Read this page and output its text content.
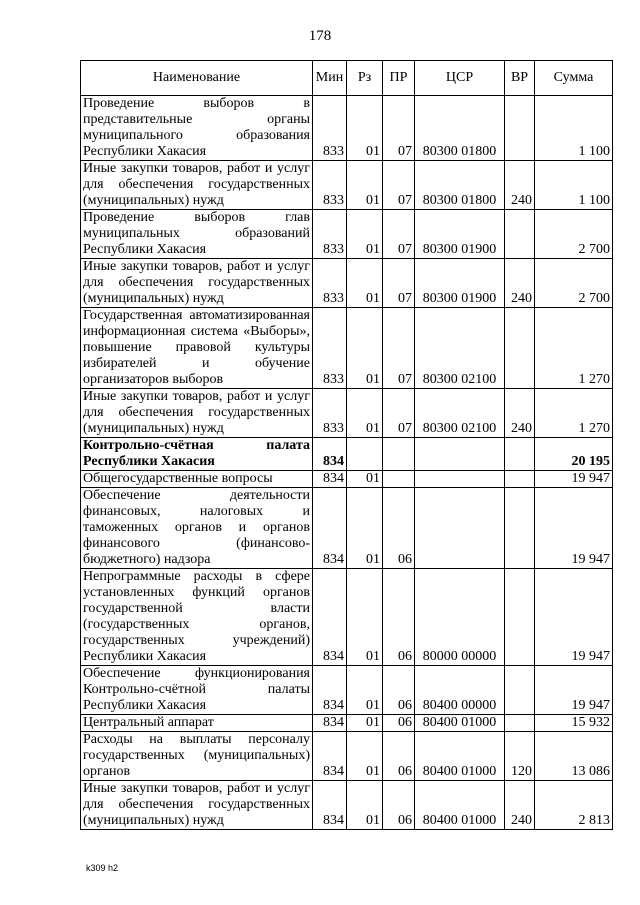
178
Наименование	Мин	Рз	ПР	ЦСР	ВР	Сумма
Проведение выборов в представительные органы муниципального образования Республики Хакасия	833	01	07	80300 01800		1 100
Иные закупки товаров, работ и услуг для обеспечения государственных (муниципальных) нужд	833	01	07	80300 01800	240	1 100
Проведение выборов глав муниципальных образований Республики Хакасия	833	01	07	80300 01900		2 700
Иные закупки товаров, работ и услуг для обеспечения государственных (муниципальных) нужд	833	01	07	80300 01900	240	2 700
Государственная автоматизированная информационная система «Выборы», повышение правовой культуры избирателей и обучение организаторов выборов	833	01	07	80300 02100		1 270
Иные закупки товаров, работ и услуг для обеспечения государственных (муниципальных) нужд	833	01	07	80300 02100	240	1 270
Контрольно-счётная палата Республики Хакасия	834					20 195
Общегосударственные вопросы	834	01				19 947
Обеспечение деятельности финансовых, налоговых и таможенных органов и органов финансового (финансово-бюджетного) надзора	834	01	06			19 947
Непрограммные расходы в сфере установленных функций органов государственной власти (государственных органов, государственных учреждений) Республики Хакасия	834	01	06	80000 00000		19 947
Обеспечение функционирования Контрольно-счётной палаты Республики Хакасия	834	01	06	80400 00000		19 947
Центральный аппарат	834	01	06	80400 01000		15 932
Расходы на выплаты персоналу государственных (муниципальных) органов	834	01	06	80400 01000	120	13 086
Иные закупки товаров, работ и услуг для обеспечения государственных (муниципальных) нужд	834	01	06	80400 01000	240	2 813
k309 h2
